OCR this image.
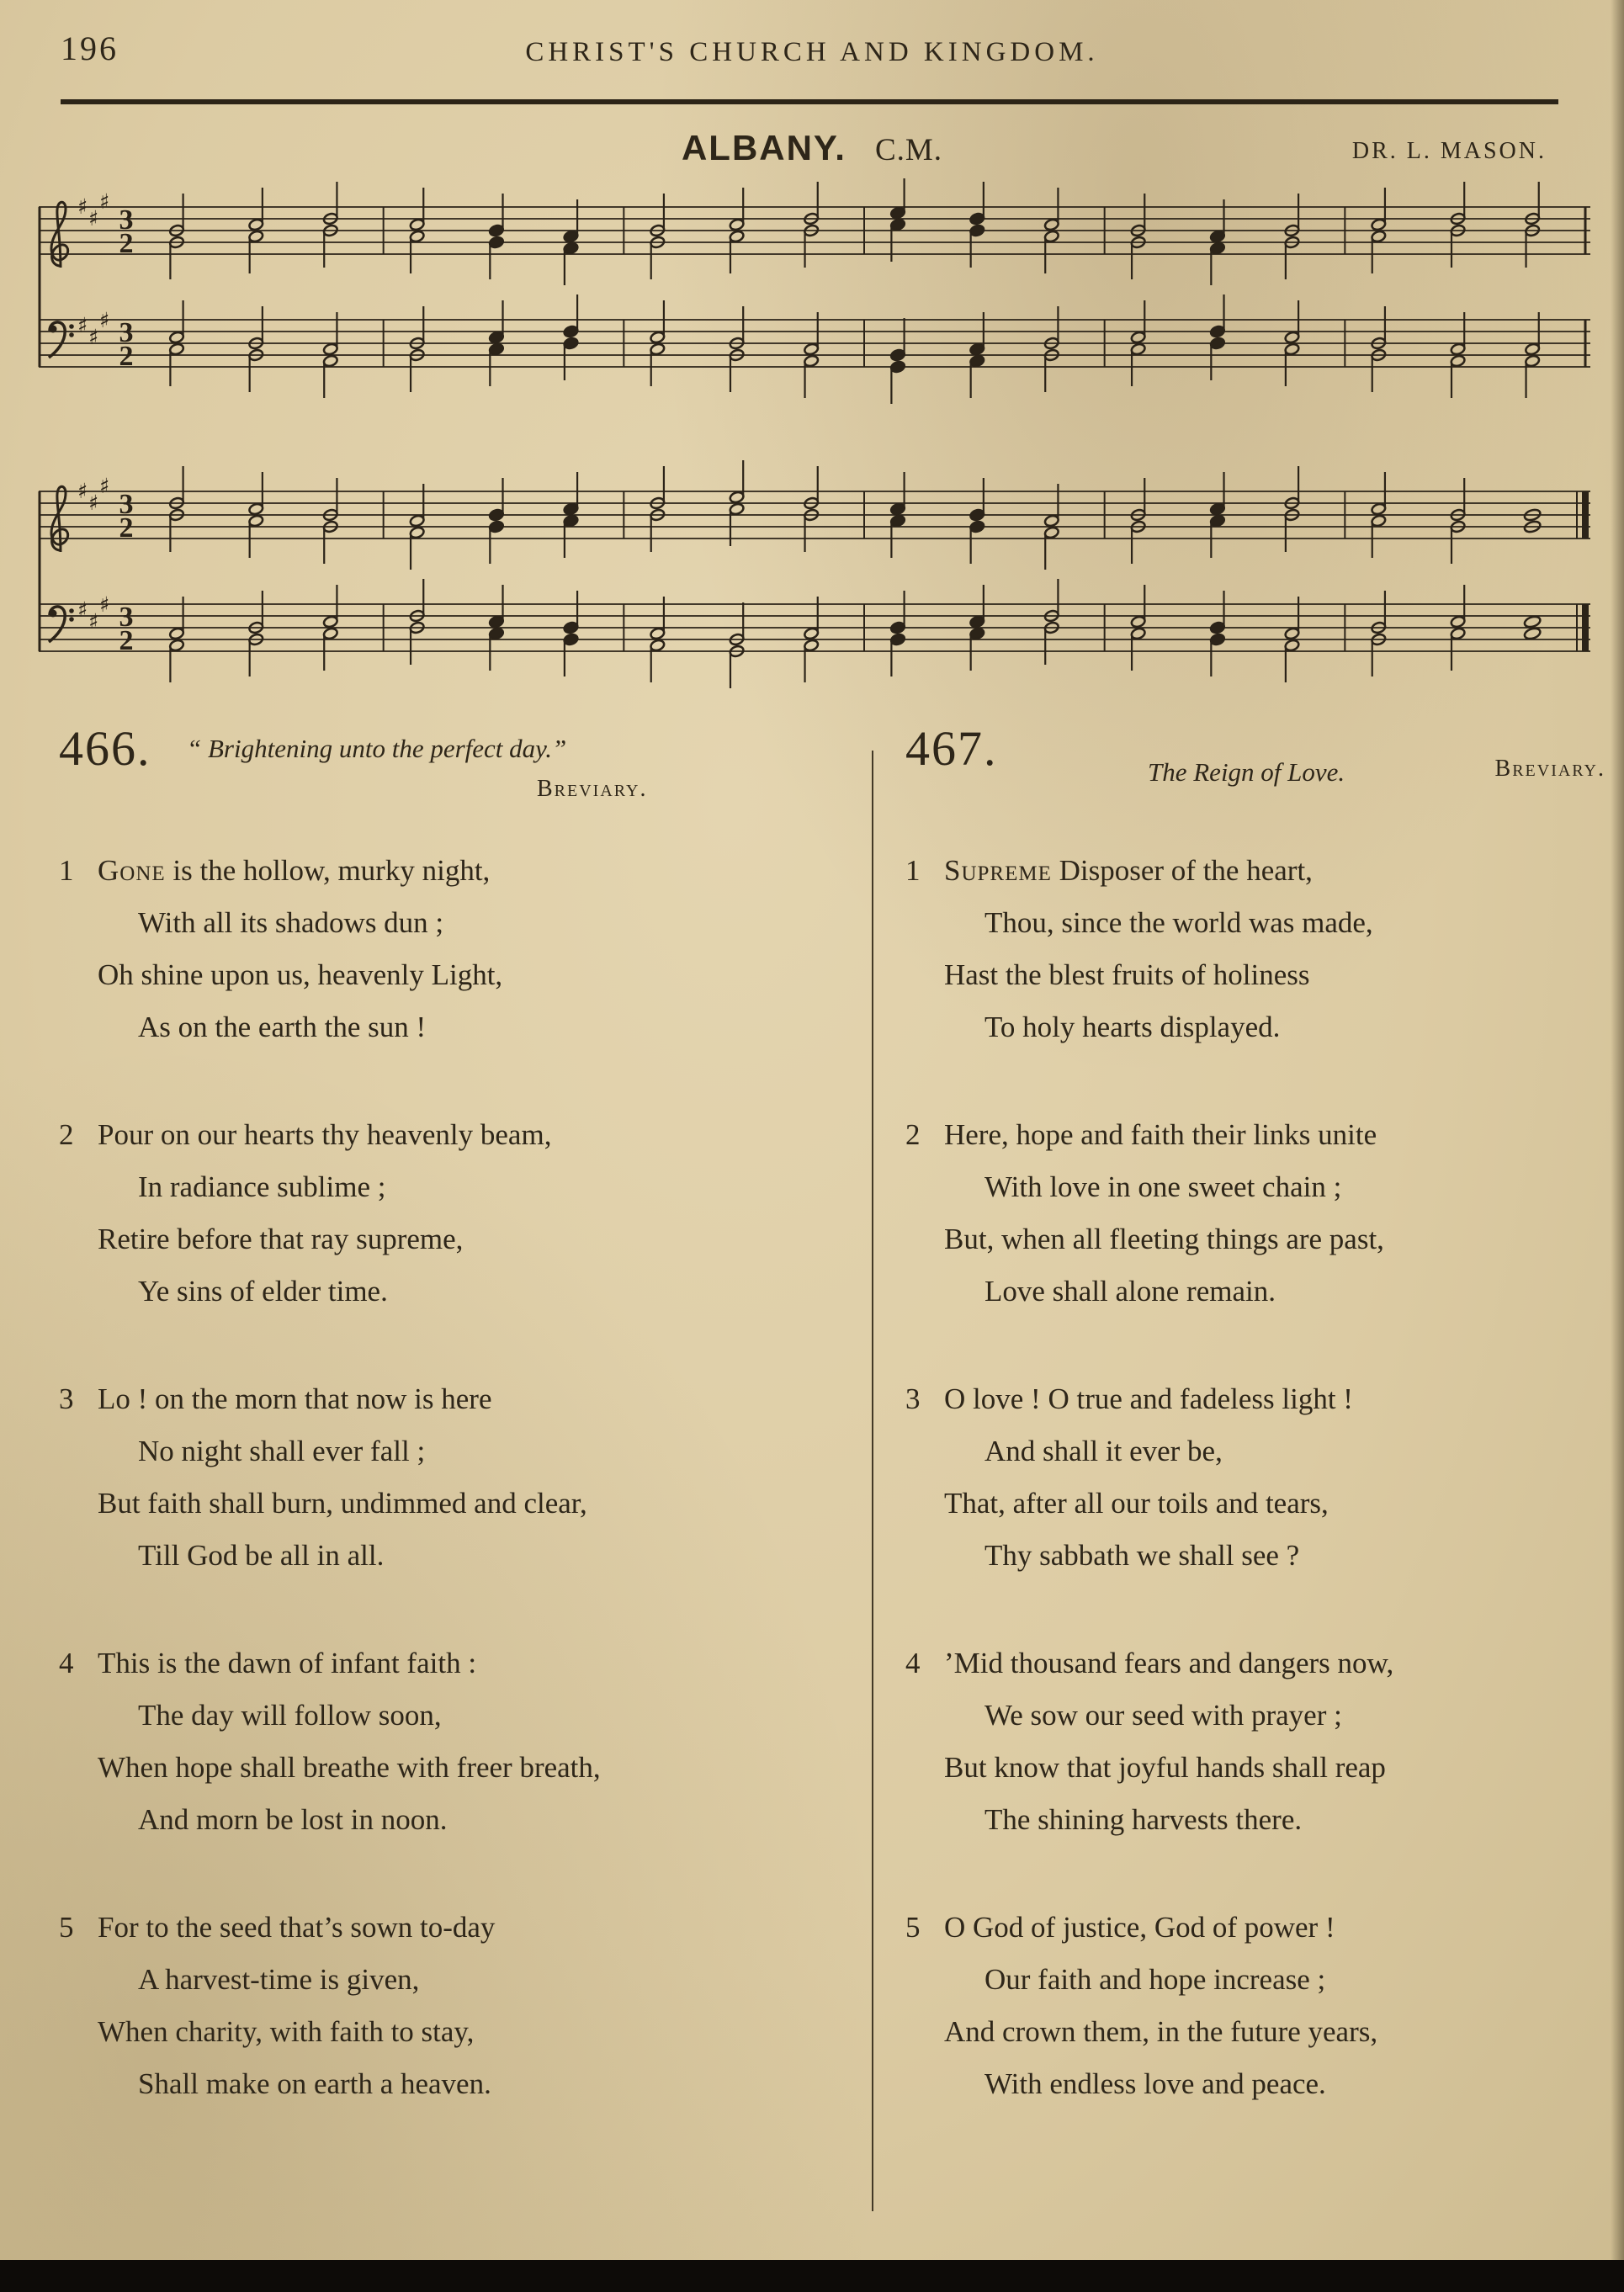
196	CHRIST'S CHURCH AND KINGDOM.
ALBANY. C.M.	DR. L. MASON.
♯ ♯
♯
♯ ♯
♯
3
2
3
2
♯ ♯
♯
♯ ♯
♯
3
2
3
2
466. “ Brightening unto the perfect day.”
Breviary.
1 Gone is the hollow, murky night,
With all its shadows dun ;
Oh shine upon us, heavenly Light,
As on the earth the sun !
2 Pour on our hearts thy heavenly beam,
In radiance sublime ;
Retire before that ray supreme,
Ye sins of elder time.
3 Lo ! on the morn that now is here
No night shall ever fall ;
But faith shall burn, undimmed and clear,
Till God be all in all.
4 This is the dawn of infant faith :
The day will follow soon,
When hope shall breathe with freer breath,
And morn be lost in noon.
5 For to the seed that’s sown to-day
A harvest-time is given,
When charity, with faith to stay,
Shall make on earth a heaven.
467.	The Reign of Love.	Breviary.
1 Supreme Disposer of the heart,
Thou, since the world was made,
Hast the blest fruits of holiness
To holy hearts displayed.
2 Here, hope and faith their links unite
With love in one sweet chain ;
But, when all fleeting things are past,
Love shall alone remain.
3 O love ! O true and fadeless light !
And shall it ever be,
That, after all our toils and tears,
Thy sabbath we shall see ?
4 ’Mid thousand fears and dangers now,
We sow our seed with prayer ;
But know that joyful hands shall reap
The shining harvests there.
5 O God of justice, God of power !
Our faith and hope increase ;
And crown them, in the future years,
With endless love and peace.
